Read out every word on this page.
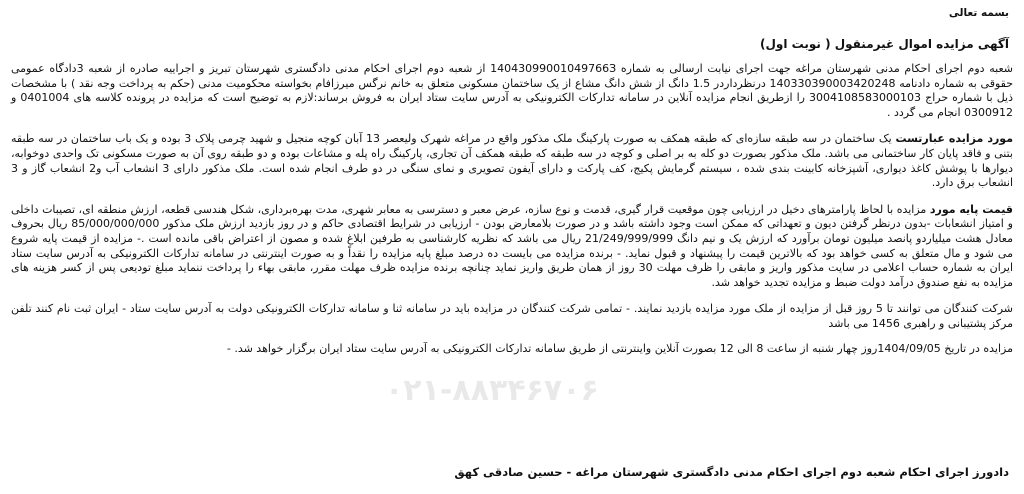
بسمه تعالی
آگهی مزایده اموال غیرمنقول ( نوبت اول)

شعبه دوم اجرای احکام مدنی شهرستان مراغه جهت اجرای نیابت ارسالی به شماره 14043099001049766З از شعبه دوم اجرای احکام مدنی دادگستری شهرستان تبریز و اجراییه صادره از شعبه 3دادگاه عمومی حقوقی به شماره دادنامه 140330390003420248 درنظرداردر 1.5 دانگ از شش دانگ مشاع از یک ساختمان مسکونی متعلق به خانم نرگس میرزافام بخواسته محکومیت مدنی (حکم به پرداخت وجه نقد ) با مشخصات ذیل با شماره حراج 3004108583000103 را ازطریق انجام مزایده آنلاین در سامانه تدارکات الکترونیکی به آدرس سایت ستاد ایران به فروش برساند:لازم به توضیح است که مزایده در پرونده کلاسه های 0401004 و 0300912 انجام می گردد .

مورد مزایده عبارتست یک ساختمان در سه طبقه سازه‌ای که طبقه همکف به صورت پارکینگ ملک مذکور واقع در مراغه شهرک ولیعصر 13 آبان کوچه منجیل و شهید چرمی پلاک 3 بوده و یک باب ساختمان در سه طبقه بتنی و فاقد پایان کار ساختمانی می باشد. ملک مذکور بصورت دو کله به بر اصلی و کوچه در سه طبقه که طبقه همکف آن تجاری، پارکینگ راه پله و مشاعات بوده و دو طبقه روی آن به صورت مسکونی تک واحدی دوخوابه، دیوارها با پوشش کاغذ دیواری، آشپزخانه کابینت بندی شده ، سیستم گرمایش پکیج، کف پارکت و دارای آیفون تصویری و نمای سنگی در دو طرف انجام شده است. ملک مذکور دارای 3 انشعاب آب و2 انشعاب گاز و 3 انشعاب برق دارد.

قیمت پایه مورد مزایده با لحاظ پارامترهای دخیل در ارزیابی چون موقعیت قرار گیری، قدمت و نوع سازه، عرض معبر و دسترسی به معابر شهری، مدت بهره‌برداری، شکل هندسی قطعه، ارزش منطقه ای، تصیبات داخلی و امتیاز انشعابات -بدون درنظر گرفتن دیون و تعهداتی که ممکن است وجود داشته باشد و در صورت بلامعارض بودن - ارزیابی در شرایط اقتصادی حاکم و در روز بازدید ارزش ملک مذکور 85/000/000/000 ریال بحروف معادل هشت میلیاردو پانصد میلیون تومان برآورد که ارزش یک و نیم دانگ 21/249/999/999 ریال می باشد که نظریه کارشناسی به طرفین ابلاغ شده و مصون از اعتراض باقی مانده است .- مزایده از قیمت پایه شروع می شود و مال متعلق به کسی خواهد بود که بالاترین قیمت را پیشنهاد و قبول نماید. - برنده مزایده می بایست ده درصد مبلغ پایه مزایده را نقداً و به صورت اینترنتی در سامانه تدارکات الکترونیکی به آدرس سایت ستاد ایران به شماره حساب اعلامی در سایت مذکور واریز و مابقی را ظرف مهلت 30 روز از همان طریق واریز نماید چنانچه برنده مزایده ظرف مهلت مقرر، مابقی بهاء را پرداخت ننماید مبلغ تودیعی پس از کسر هزینه های مزایده به نفع صندوق درآمد دولت ضبط و مزایده تجدید خواهد شد.

شرکت کنندگان می توانند تا 5 روز قبل از مزایده از ملک مورد مزایده بازدید نمایند. - تمامی شرکت کنندگان در مزایده باید در سامانه ثنا و سامانه تدارکات الکترونیکی دولت به آدرس سایت ستاد - ایران ثبت نام کنند تلفن مرکز پشتیبانی و راهبری 1456 می باشد

مزایده در تاریخ 1404/09/05روز چهار شنبه از ساعت 8 الی 12 بصورت آنلاین واینترنتی از طریق سامانه تدارکات الکترونیکی به آدرس سایت ستاد ایران برگزار خواهد شد. -

۰۲۱-۸۸۳۴۶۷۰۶
دادورز اجرای احکام شعبه دوم اجرای احکام مدنی دادگستری شهرستان مراغه - حسین صادقی کهق
